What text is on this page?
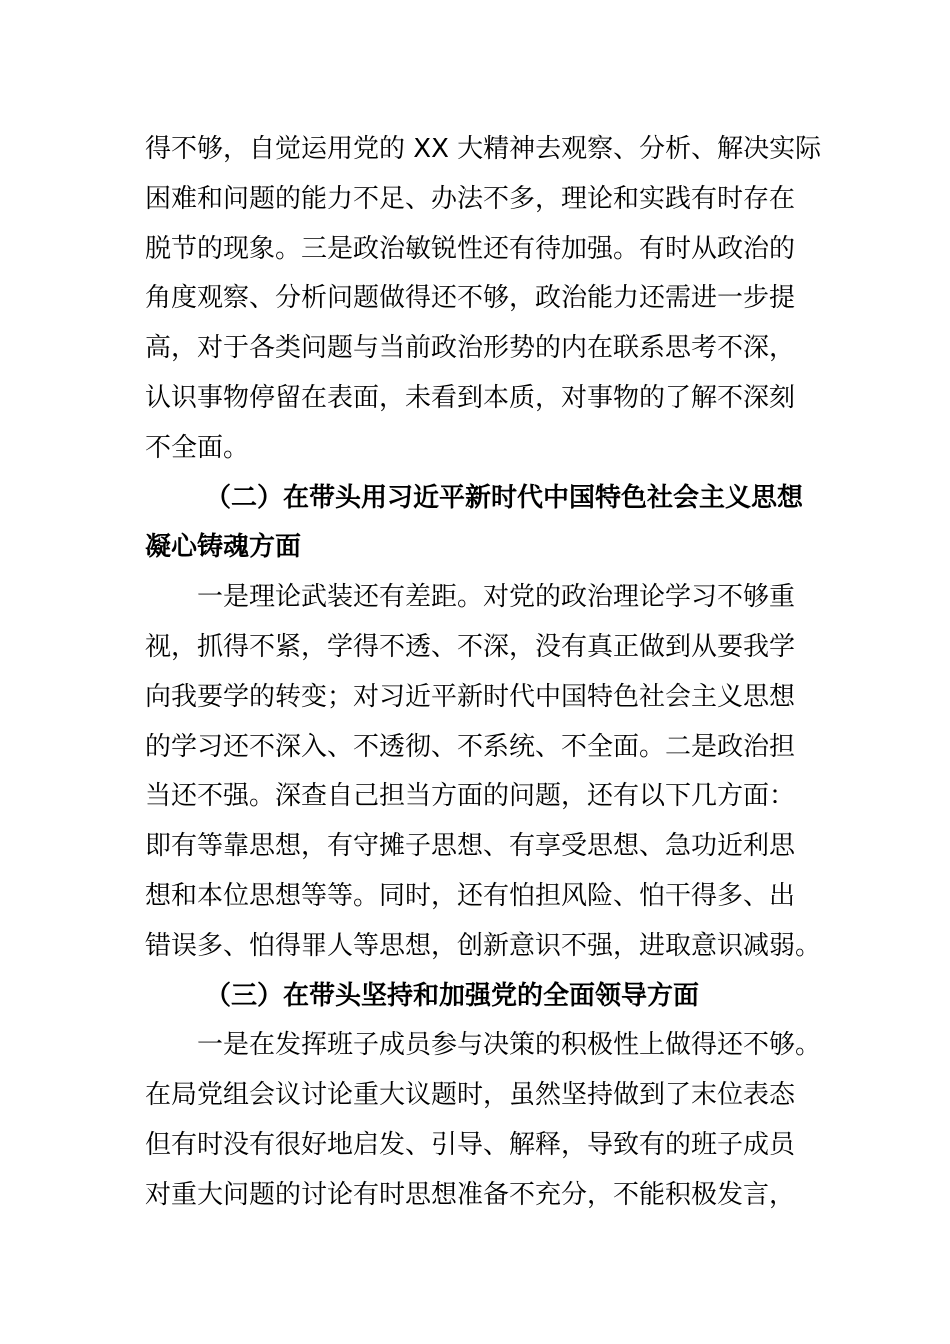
得不够，自觉运用党的 XX 大精神去观察、分析、解决实际
困难和问题的能力不足、办法不多，理论和实践有时存在
脱节的现象。三是政治敏锐性还有待加强。有时从政治的
角度观察、分析问题做得还不够，政治能力还需进一步提
高，对于各类问题与当前政治形势的内在联系思考不深，
认识事物停留在表面，未看到本质，对事物的了解不深刻
不全面。
（二）在带头用习近平新时代中国特色社会主义思想
凝心铸魂方面
一是理论武装还有差距。对党的政治理论学习不够重
视，抓得不紧，学得不透、不深，没有真正做到从要我学
向我要学的转变；对习近平新时代中国特色社会主义思想
的学习还不深入、不透彻、不系统、不全面。二是政治担
当还不强。深查自己担当方面的问题，还有以下几方面：
即有等靠思想，有守摊子思想、有享受思想、急功近利思
想和本位思想等等。同时，还有怕担风险、怕干得多、出
错误多、怕得罪人等思想，创新意识不强，进取意识减弱。
（三）在带头坚持和加强党的全面领导方面
一是在发挥班子成员参与决策的积极性上做得还不够。
在局党组会议讨论重大议题时，虽然坚持做到了末位表态
但有时没有很好地启发、引导、解释，导致有的班子成员
对重大问题的讨论有时思想准备不充分，不能积极发言，
